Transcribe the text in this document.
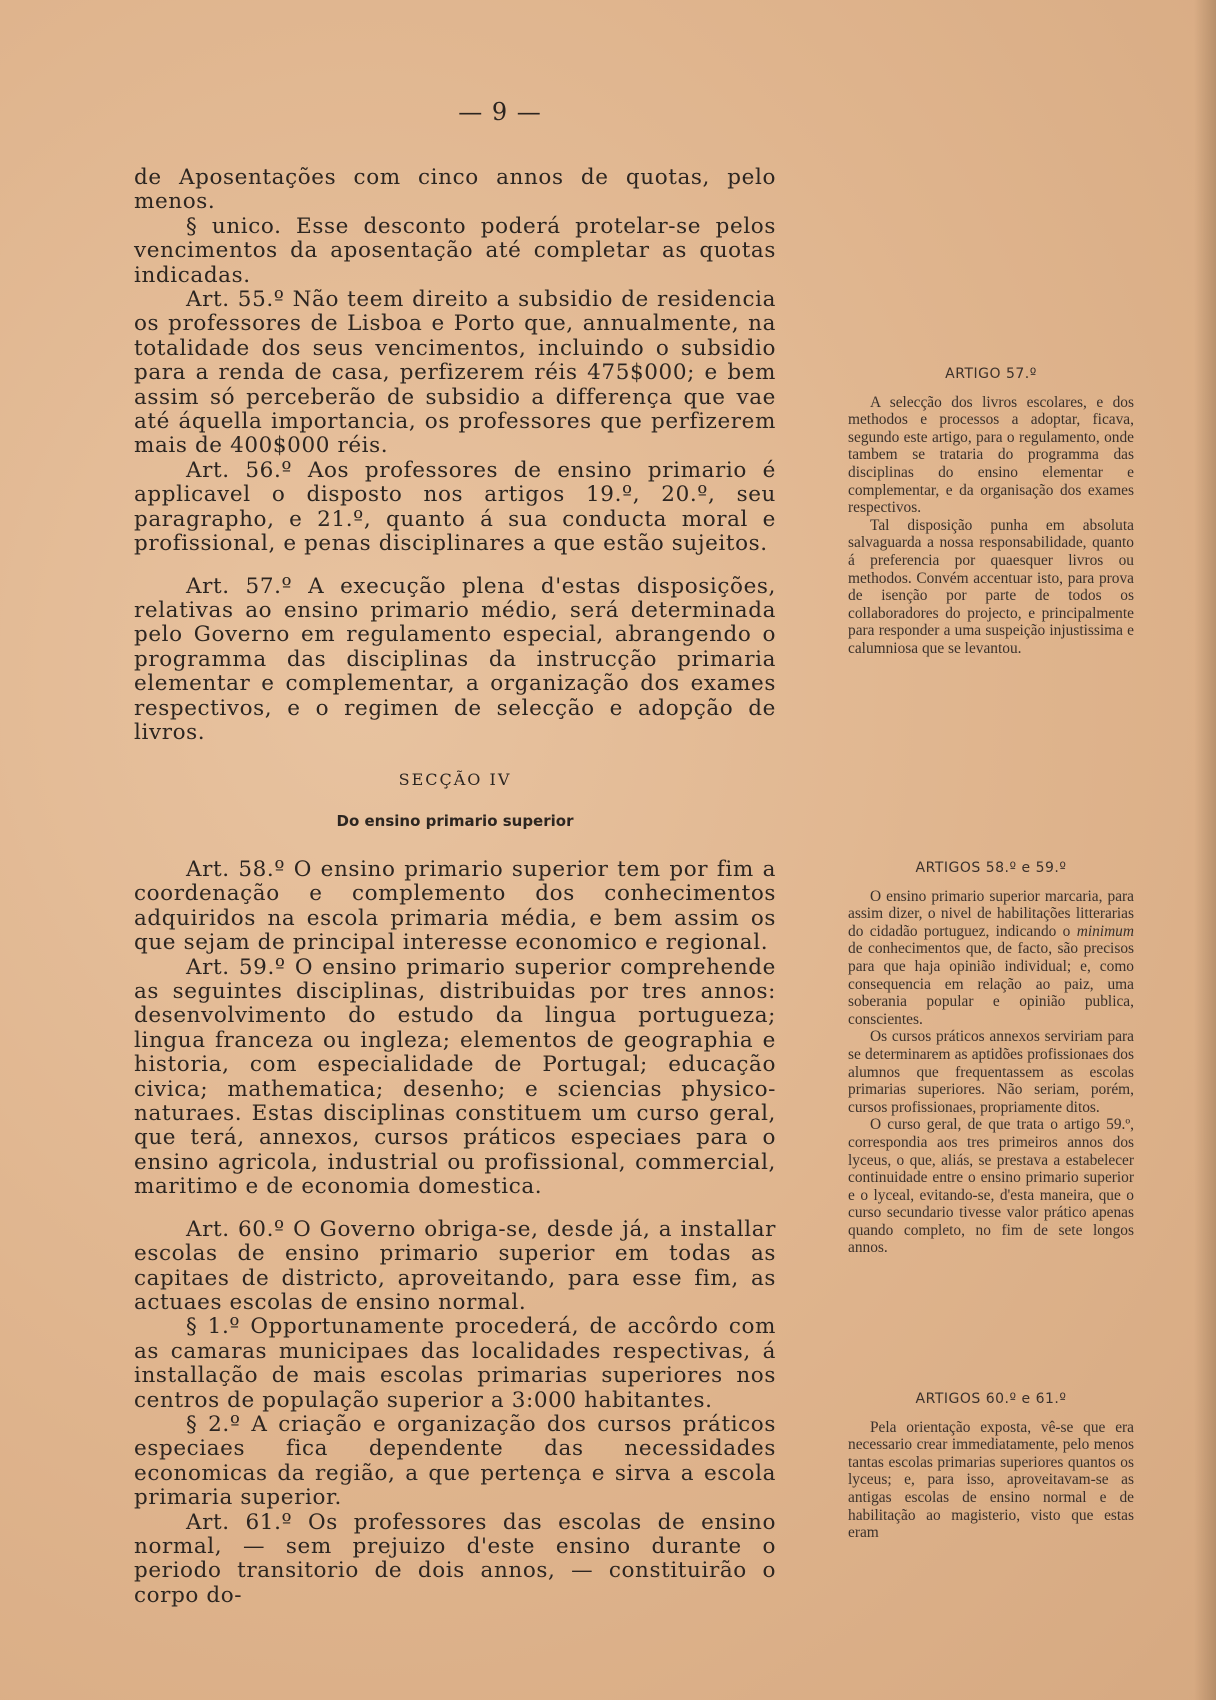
— 9 —

de Aposentações com cinco annos de quotas, pelo menos.

§ unico. Esse desconto poderá protelar-se pelos vencimentos da aposentação até completar as quotas indicadas.

Art. 55.º Não teem direito a subsidio de residencia os professores de Lisboa e Porto que, annualmente, na totalidade dos seus vencimentos, incluindo o subsidio para a renda de casa, perfizerem réis 475$000; e bem assim só perceberão de subsidio a differença que vae até áquella importancia, os professores que perfizerem mais de 400$000 réis.

Art. 56.º Aos professores de ensino primario é applicavel o disposto nos artigos 19.º, 20.º, seu paragrapho, e 21.º, quanto á sua conducta moral e profissional, e penas disciplinares a que estão sujeitos.

Art. 57.º A execução plena d'estas disposições, relativas ao ensino primario médio, será determinada pelo Governo em regulamento especial, abrangendo o programma das disciplinas da instrucção primaria elementar e complementar, a organização dos exames respectivos, e o regimen de selecção e adopção de livros.

SECÇÃO IV
Do ensino primario superior

Art. 58.º O ensino primario superior tem por fim a coordenação e complemento dos conhecimentos adquiridos na escola primaria média, e bem assim os que sejam de principal interesse economico e regional.

Art. 59.º O ensino primario superior comprehende as seguintes disciplinas, distribuidas por tres annos: desenvolvimento do estudo da lingua portugueza; lingua franceza ou ingleza; elementos de geographia e historia, com especialidade de Portugal; educação civica; mathematica; desenho; e sciencias physico-naturaes. Estas disciplinas constituem um curso geral, que terá, annexos, cursos práticos especiaes para o ensino agricola, industrial ou profissional, commercial, maritimo e de economia domestica.

Art. 60.º O Governo obriga-se, desde já, a installar escolas de ensino primario superior em todas as capitaes de districto, aproveitando, para esse fim, as actuaes escolas de ensino normal.

§ 1.º Opportunamente procederá, de accôrdo com as camaras municipaes das localidades respectivas, á installação de mais escolas primarias superiores nos centros de população superior a 3:000 habitantes.

§ 2.º A criação e organização dos cursos práticos especiaes fica dependente das necessidades economicas da região, a que pertença e sirva a escola primaria superior.

Art. 61.º Os professores das escolas de ensino normal, — sem prejuizo d'este ensino durante o periodo transitorio de dois annos, — constituirão o corpo do-

ARTIGO 57.º

A selecção dos livros escolares, e dos methodos e processos a adoptar, ficava, segundo este artigo, para o regulamento, onde tambem se trataria do programma das disciplinas do ensino elementar e complementar, e da organisação dos exames respectivos.

Tal disposição punha em absoluta salvaguarda a nossa responsabilidade, quanto á preferencia por quaesquer livros ou methodos. Convém accentuar isto, para prova de isenção por parte de todos os collaboradores do projecto, e principalmente para responder a uma suspeição injustissima e calumniosa que se levantou.

ARTIGOS 58.º e 59.º

O ensino primario superior marcaria, para assim dizer, o nivel de habilitações litterarias do cidadão portuguez, indicando o minimum de conhecimentos que, de facto, são precisos para que haja opinião individual; e, como consequencia em relação ao paiz, uma soberania popular e opinião publica, conscientes.

Os cursos práticos annexos serviriam para se determinarem as aptidões profissionaes dos alumnos que frequentassem as escolas primarias superiores. Não seriam, porém, cursos profissionaes, propriamente ditos.

O curso geral, de que trata o artigo 59.º, correspondia aos tres primeiros annos dos lyceus, o que, aliás, se prestava a estabelecer continuidade entre o ensino primario superior e o lyceal, evitando-se, d'esta maneira, que o curso secundario tivesse valor prático apenas quando completo, no fim de sete longos annos.

ARTIGOS 60.º e 61.º

Pela orientação exposta, vê-se que era necessario crear immediatamente, pelo menos tantas escolas primarias superiores quantos os lyceus; e, para isso, aproveitavam-se as antigas escolas de ensino normal e de habilitação ao magisterio, visto que estas eram
